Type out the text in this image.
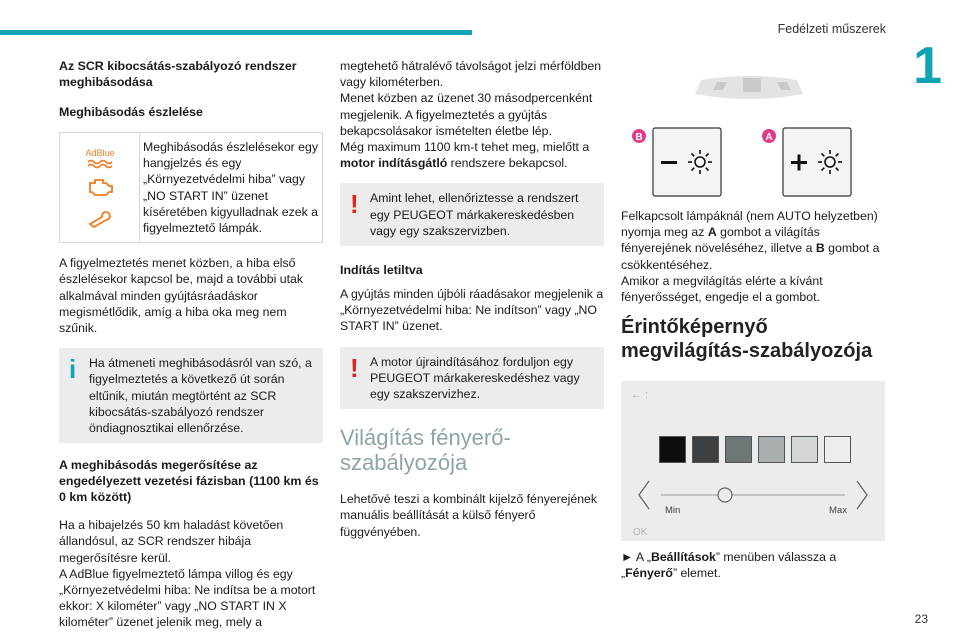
Fedélzeti műszerek
1
Az SCR kibocsátás-szabályozó rendszer meghibásodása
Meghibásodás észlelése
AdBlue Meghibásodás észlelésekor egy hangjelzés és egy „Környezetvédelmi hiba” vagy „NO START IN” üzenet kíséretében kigyulladnak ezek a figyelmeztető lámpák.

A figyelmeztetés menet közben, a hiba első észlelésekor kapcsol be, majd a további utak alkalmával minden gyújtásráadáskor megismétlődik, amíg a hiba oka meg nem szűnik.

i	Ha átmeneti meghibásodásról van szó, a figyelmeztetés a következő út során eltűnik, miután megtörtént az SCR kibocsátás-szabályozó rendszer öndiagnosztikai ellenőrzése.
A meghibásodás megerősítése az engedélyezett vezetési fázisban (1100 km és 0 km között)

Ha a hibajelzés 50 km haladást követően állandósul, az SCR rendszer hibája megerősítésre kerül.
A AdBlue figyelmeztető lámpa villog és egy „Környezetvédelmi hiba: Ne indítsa be a motort ekkor: X kilométer” vagy „NO START IN X kilométer” üzenet jelenik meg, mely a

megtehető hátralévő távolságot jelzi mérföldben vagy kilométerben.
Menet közben az üzenet 30 másodpercenként megjelenik. A figyelmeztetés a gyújtás bekapcsolásakor ismételten életbe lép.
Még maximum 1100 km-t tehet meg, mielőtt a motor indításgátló rendszere bekapcsol.

! Amint lehet, ellenőriztesse a rendszert egy PEUGEOT márkakereskedésben vagy egy szakszervizben.
Indítás letiltva

A gyújtás minden újbóli ráadásakor megjelenik a „Környezetvédelmi hiba: Ne indítson” vagy „NO START IN” üzenet.

! A motor újraindításához forduljon egy PEUGEOT márkakereskedéshez vagy egy szakszervizhez.
Világítás fényerő-szabályozója

Lehetővé teszi a kombinált kijelző fényerejének manuális beállítását a külső fényerő függvényében.

B	A

Felkapcsolt lámpáknál (nem AUTO helyzetben) nyomja meg az A gombot a világítás fényerejének növeléséhez, illetve a B gombot a csökkentéséhez.
Amikor a megvilágítás elérte a kívánt fényerősséget, engedje el a gombot.

Érintőképernyő megvilágítás-szabályozója
← :
Min	Max
OK

► A „Beállítások” menüben válassza a „Fényerő” elemet.

23
